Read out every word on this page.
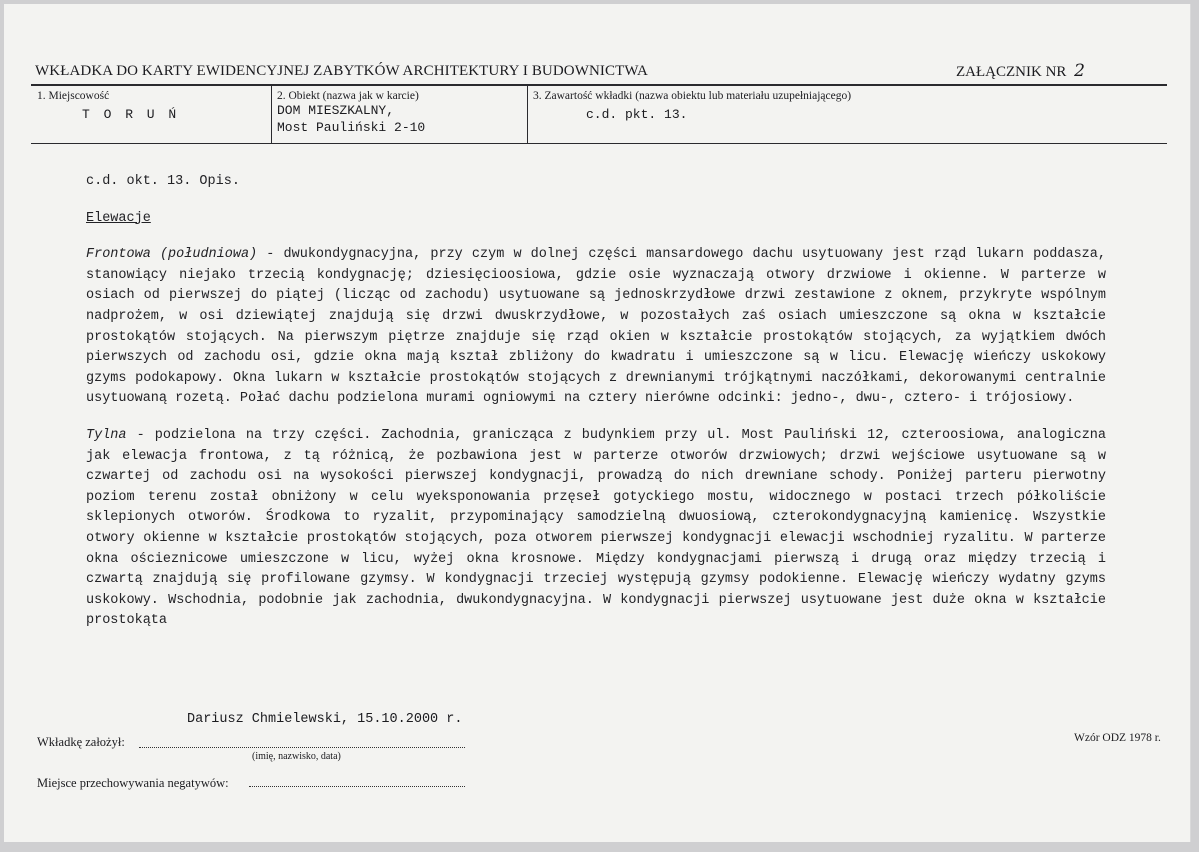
WKŁADKA DO KARTY EWIDENCYJNEJ ZABYTKÓW ARCHITEKTURY I BUDOWNICTWA	ZAŁĄCZNIK NR 2
1. Miejscowość
T O R U Ń
2. Obiekt (nazwa jak w karcie)
DOM MIESZKALNY,
Most Pauliński 2-10
3. Zawartość wkładki (nazwa obiektu lub materiału uzupełniającego)
c.d. pkt. 13.

c.d. okt. 13. Opis.

Elewacje

Frontowa (południowa) - dwukondygnacyjna, przy czym w dolnej części mansardowego dachu usytuowany jest rząd lukarn poddasza, stanowiący niejako trzecią kondygnację; dziesięcioosiowa, gdzie osie wyznaczają otwory drzwiowe i okienne. W parterze w osiach od pierwszej do piątej (licząc od zachodu) usytuowane są jednoskrzydłowe drzwi zestawione z oknem, przykryte wspólnym nadprożem, w osi dziewiątej znajdują się drzwi dwuskrzydłowe, w pozostałych zaś osiach umieszczone są okna w kształcie prostokątów stojących. Na pierwszym piętrze znajduje się rząd okien w kształcie prostokątów stojących, za wyjątkiem dwóch pierwszych od zachodu osi, gdzie okna mają kształ zbliżony do kwadratu i umieszczone są w licu. Elewację wieńczy uskokowy gzyms podokapowy. Okna lukarn w kształcie prostokątów stojących z drewnianymi trójkątnymi naczółkami, dekorowanymi centralnie usytuowaną rozetą. Połać dachu podzielona murami ogniowymi na cztery nierówne odcinki: jedno-, dwu-, cztero- i trójosiowy.

Tylna - podzielona na trzy części. Zachodnia, granicząca z budynkiem przy ul. Most Pauliński 12, czteroosiowa, analogiczna jak elewacja frontowa, z tą różnicą, że pozbawiona jest w parterze otworów drzwiowych; drzwi wejściowe usytuowane są w czwartej od zachodu osi na wysokości pierwszej kondygnacji, prowadzą do nich drewniane schody. Poniżej parteru pierwotny poziom terenu został obniżony w celu wyeksponowania przęseł gotyckiego mostu, widocznego w postaci trzech półkoliście sklepionych otworów. Środkowa to ryzalit, przypominający samodzielną dwuosiową, czterokondygnacyjną kamienicę. Wszystkie otwory okienne w kształcie prostokątów stojących, poza otworem pierwszej kondygnacji elewacji wschodniej ryzalitu. W parterze okna ościeznicowe umieszczone w licu, wyżej okna krosnowe. Między kondygnacjami pierwszą i drugą oraz między trzecią i czwartą znajdują się profilowane gzymsy. W kondygnacji trzeciej występują gzymsy podokienne. Elewację wieńczy wydatny gzyms uskokowy. Wschodnia, podobnie jak zachodnia, dwukondygnacyjna. W kondygnacji pierwszej usytuowane jest duże okna w kształcie prostokąta

Dariusz Chmielewski, 15.10.2000 r.
Wkładkę założył:
(imię, nazwisko, data)
Miejsce przechowywania negatywów:
Wzór ODZ 1978 r.
